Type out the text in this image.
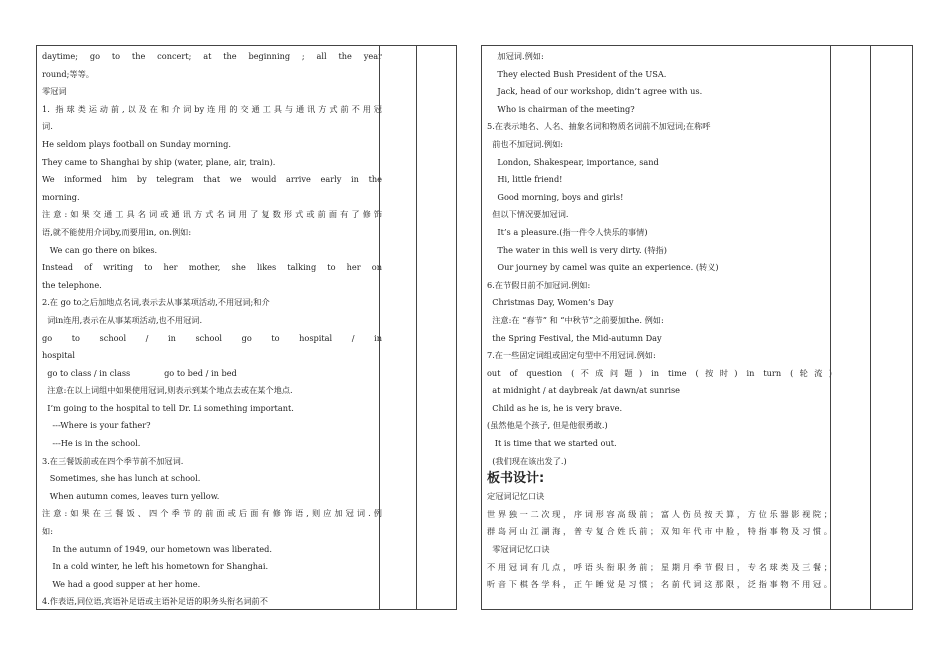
daytime; go to the concert; at the beginning ; all the year
round;等等。
零冠词
1. 指球类运动前,以及在和介词by连用的交通工具与通讯方式前不用冠
词.
He seldom plays football on Sunday morning.
They came to Shanghai by ship (water, plane, air, train).
We informed him by telegram that we would arrive early in the
morning.
注意:如果交通工具名词或通讯方式名词用了复数形式或前面有了修饰
语,就不能使用介词by,而要用in, on.例如:
We can go there on bikes.
Instead of writing to her mother, she likes talking to her on
the telephone.
2.在 go to之后加地点名词,表示去从事某项活动,不用冠词;和介
词in连用,表示在从事某项活动,也不用冠词.
go to school / in school go to hospital / in
hospital
go to class / in class             go to bed / in bed
注意:在以上词组中如果使用冠词,则表示到某个地点去或在某个地点.
I’m going to the hospital to tell Dr. Li something important.
---Where is your father?
---He is in the school.
3.在三餐饭前或在四个季节前不加冠词.
Sometimes, she has lunch at school.
When autumn comes, leaves turn yellow.
注意:如果在三餐饭、四个季节的前面或后面有修饰语,则应加冠词.例
如:
In the autumn of 1949, our hometown was liberated.
In a cold winter, he left his hometown for Shanghai.
We had a good supper at her home.
4.作表语,同位语,宾语补足语或主语补足语的职务头衔名词前不
加冠词.例如:
They elected Bush President of the USA.
Jack, head of our workshop, didn’t agree with us.
Who is chairman of the meeting?
5.在表示地名、人名、抽象名词和物质名词前不加冠词;在称呼
前也不加冠词.例如:
London, Shakespear, importance, sand
Hi, little friend!
Good morning, boys and girls!
但以下情况要加冠词.
It’s a pleasure.(指一件令人快乐的事情)
The water in this well is very dirty. (特指)
Our journey by camel was quite an experience. (转义)
6.在节假日前不加冠词.例如:
Christmas Day, Women’s Day
注意:在 “春节” 和 “中秋节”之前要加the. 例如:
the Spring Festival, the Mid-autumn Day
7.在一些固定词组或固定句型中不用冠词.例如:
out of question (不成问题) in time (按时) in turn (轮流)
at midnight / at daybreak /at dawn/at sunrise
Child as he is, he is very brave.
(虽然他是个孩子, 但是他很勇敢.)
It is time that we started out.
(我们现在该出发了.)
板书设计:
定冠词记忆口诀
世界独一二次现，序词形容高级前；富人伤员按天算，方位乐器影视院；
群岛河山江湖海，普专复合姓氏前；双知年代市中脸，特指事物及习惯。
零冠词记忆口诀
不用冠词有几点，呼语头衔职务前；星期月季节假日，专名球类及三餐；
听音下棋各学科，正午睡觉是习惯；名前代词这那限，泛指事物不用冠。
